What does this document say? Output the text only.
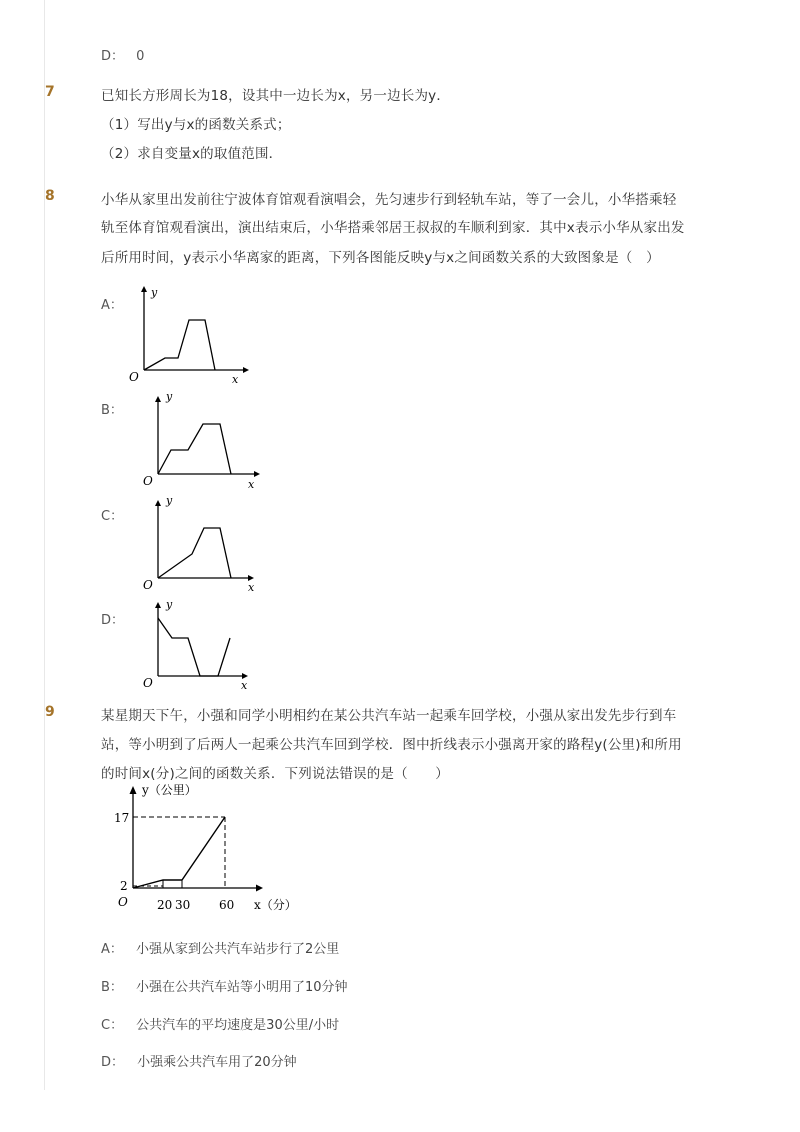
D： 0
7	已知长方形周长为18，设其中一边长为x，另一边长为y．
（1）写出y与x的函数关系式；
（2）求自变量x的取值范围．
8	小华从家里出发前往宁波体育馆观看演唱会，先匀速步行到轻轨车站，等了一会儿，小华搭乘轻
轨至体育馆观看演出，演出结束后，小华搭乘邻居王叔叔的车顺利到家．其中x表示小华从家出发
后所用时间，y表示小华离家的距离，下列各图能反映y与x之间函数关系的大致图象是（　）
A：
y
O	x
B：
y
O	x
C：
y
O	x
D：
y
O	x
9	某星期天下午，小强和同学小明相约在某公共汽车站一起乘车回学校，小强从家出发先步行到车
站，等小明到了后两人一起乘公共汽车回到学校．图中折线表示小强离开家的路程y(公里)和所用
的时间x(分)之间的函数关系．下列说法错误的是（　　）
y（公里）
17
2
O 20 30 60 x（分）
A： 小强从家到公共汽车站步行了2公里
B： 小强在公共汽车站等小明用了10分钟
C： 公共汽车的平均速度是30公里/小时
D： 小强乘公共汽车用了20分钟
